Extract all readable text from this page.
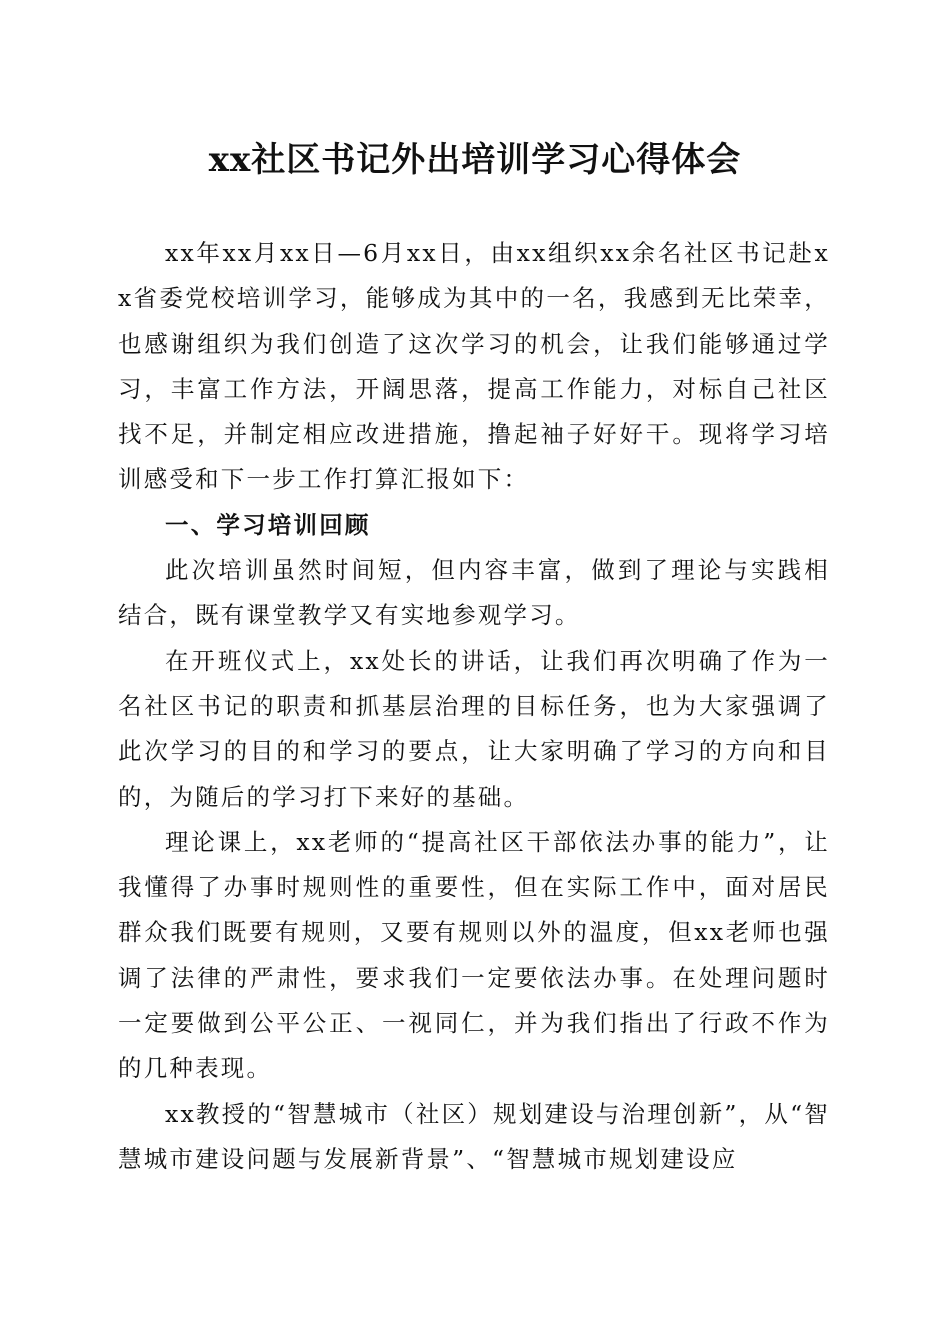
xx社区书记外出培训学习心得体会

xx年xx月xx日—6月xx日，由xx组织xx余名社区书记赴xx省委党校培训学习，能够成为其中的一名，我感到无比荣幸，也感谢组织为我们创造了这次学习的机会，让我们能够通过学习，丰富工作方法，开阔思落，提高工作能力，对标自己社区找不足，并制定相应改进措施，撸起袖子好好干。现将学习培训感受和下一步工作打算汇报如下：

一、学习培训回顾

此次培训虽然时间短，但内容丰富，做到了理论与实践相结合，既有课堂教学又有实地参观学习。

在开班仪式上，xx处长的讲话，让我们再次明确了作为一名社区书记的职责和抓基层治理的目标任务，也为大家强调了此次学习的目的和学习的要点，让大家明确了学习的方向和目的，为随后的学习打下来好的基础。

理论课上，xx老师的“提高社区干部依法办事的能力”，让我懂得了办事时规则性的重要性，但在实际工作中，面对居民群众我们既要有规则，又要有规则以外的温度，但xx老师也强调了法律的严肃性，要求我们一定要依法办事。在处理问题时一定要做到公平公正、一视同仁，并为我们指出了行政不作为的几种表现。

xx教授的“智慧城市（社区）规划建设与治理创新”，从“智慧城市建设问题与发展新背景”、“智慧城市规划建设应
